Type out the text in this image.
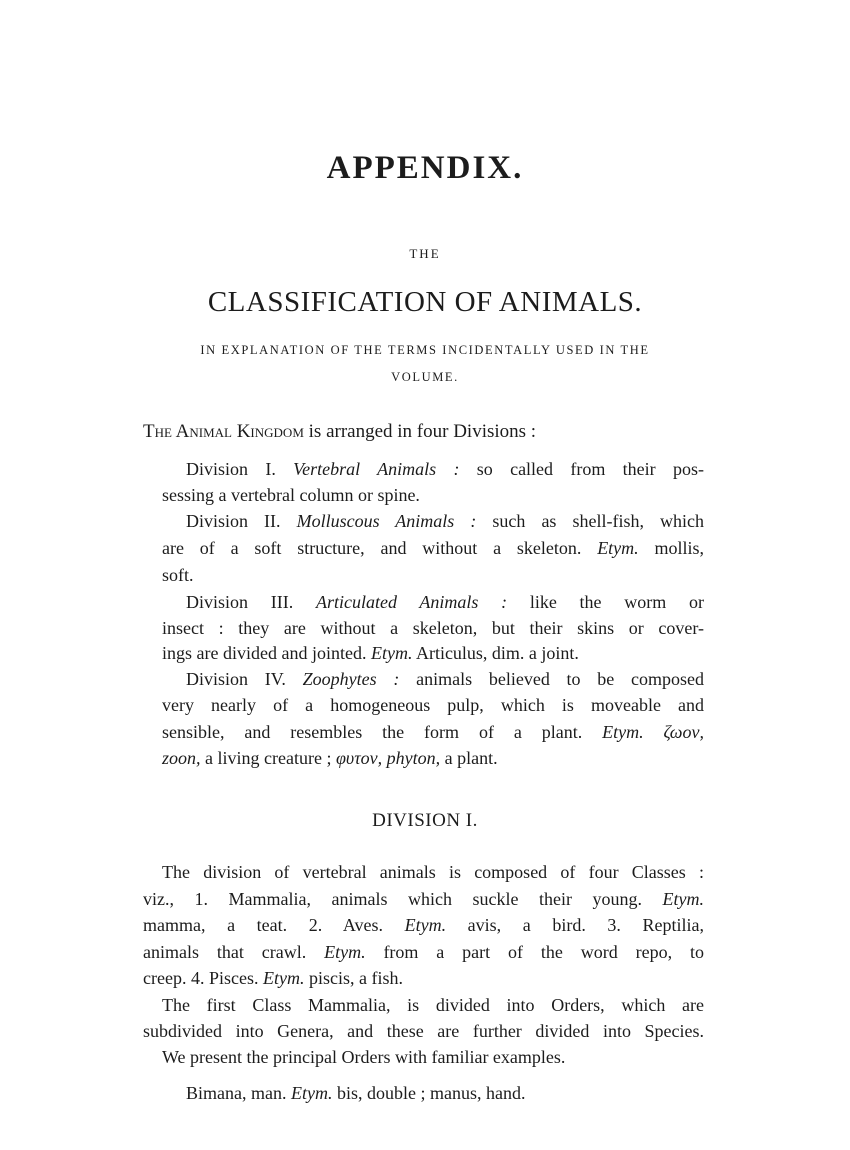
APPENDIX.
THE
CLASSIFICATION OF ANIMALS.
IN EXPLANATION OF THE TERMS INCIDENTALLY USED IN THE
VOLUME.
The Animal Kingdom is arranged in four Divisions :
Division I. Vertebral Animals : so called from their pos-
sessing a vertebral column or spine.
Division II. Molluscous Animals : such as shell-fish, which
are of a soft structure, and without a skeleton. Etym. mollis,
soft.
Division III. Articulated Animals : like the worm or
insect : they are without a skeleton, but their skins or cover-
ings are divided and jointed. Etym. Articulus, dim. a joint.
Division IV. Zoophytes : animals believed to be composed
very nearly of a homogeneous pulp, which is moveable and
sensible, and resembles the form of a plant. Etym. ζωον,
zoon, a living creature ; φυτον, phyton, a plant.
DIVISION I.
The division of vertebral animals is composed of four Classes :
viz., 1. Mammalia, animals which suckle their young. Etym.
mamma, a teat. 2. Aves. Etym. avis, a bird. 3. Reptilia,
animals that crawl. Etym. from a part of the word repo, to
creep. 4. Pisces. Etym. piscis, a fish.
The first Class Mammalia, is divided into Orders, which are
subdivided into Genera, and these are further divided into Species.
We present the principal Orders with familiar examples.
Bimana, man. Etym. bis, double ; manus, hand.
